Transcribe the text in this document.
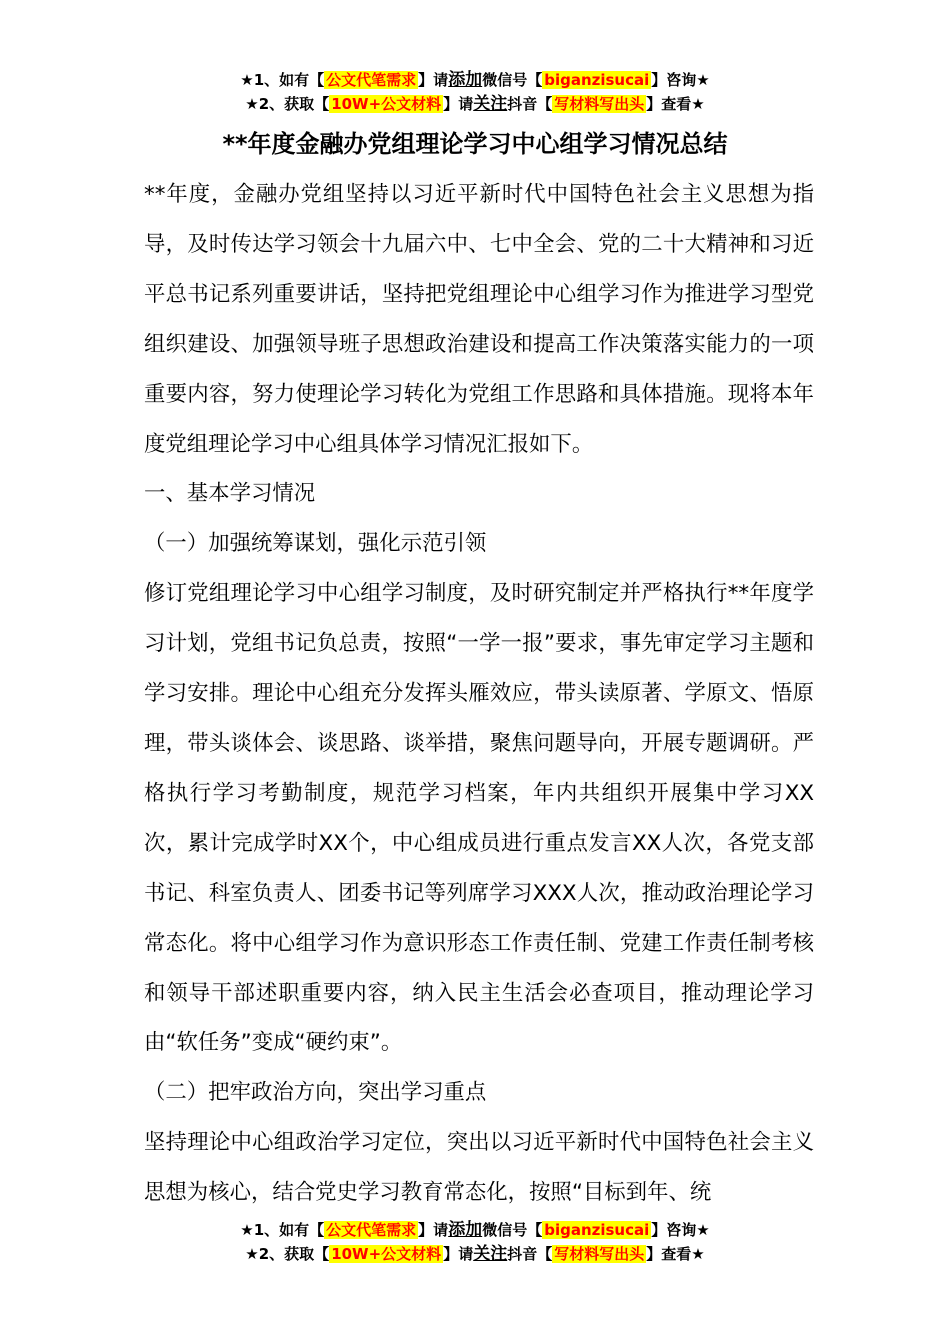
★1、如有【 公文代笔需求 】请添加微信号【 biganzisucai 】咨询★
★2、获取【 10W+公文材料 】请关注抖音【 写材料写出头 】查看★
**年度金融办党组理论学习中心组学习情况总结

**年度，金融办党组坚持以习近平新时代中国特色社会主义思想为指导，及时传达学习领会十九届六中、七中全会、党的二十大精神和习近平总书记系列重要讲话，坚持把党组理论中心组学习作为推进学习型党组织建设、加强领导班子思想政治建设和提高工作决策落实能力的一项重要内容，努力使理论学习转化为党组工作思路和具体措施。现将本年度党组理论学习中心组具体学习情况汇报如下。

一、基本学习情况

（一）加强统筹谋划，强化示范引领

修订党组理论学习中心组学习制度，及时研究制定并严格执行**年度学习计划，党组书记负总责，按照“一学一报”要求，事先审定学习主题和学习安排。理论中心组充分发挥头雁效应，带头读原著、学原文、悟原理，带头谈体会、谈思路、谈举措，聚焦问题导向，开展专题调研。严格执行学习考勤制度，规范学习档案，年内共组织开展集中学习XX次，累计完成学时XX个，中心组成员进行重点发言XX人次，各党支部书记、科室负责人、团委书记等列席学习XXX人次，推动政治理论学习常态化。将中心组学习作为意识形态工作责任制、党建工作责任制考核和领导干部述职重要内容，纳入民主生活会必查项目，推动理论学习由“软任务”变成“硬约束”。

（二）把牢政治方向，突出学习重点

坚持理论中心组政治学习定位，突出以习近平新时代中国特色社会主义思想为核心，结合党史学习教育常态化，按照“目标到年、统

★1、如有【 公文代笔需求 】请添加微信号【 biganzisucai 】咨询★
★2、获取【 10W+公文材料 】请关注抖音【 写材料写出头 】查看★
